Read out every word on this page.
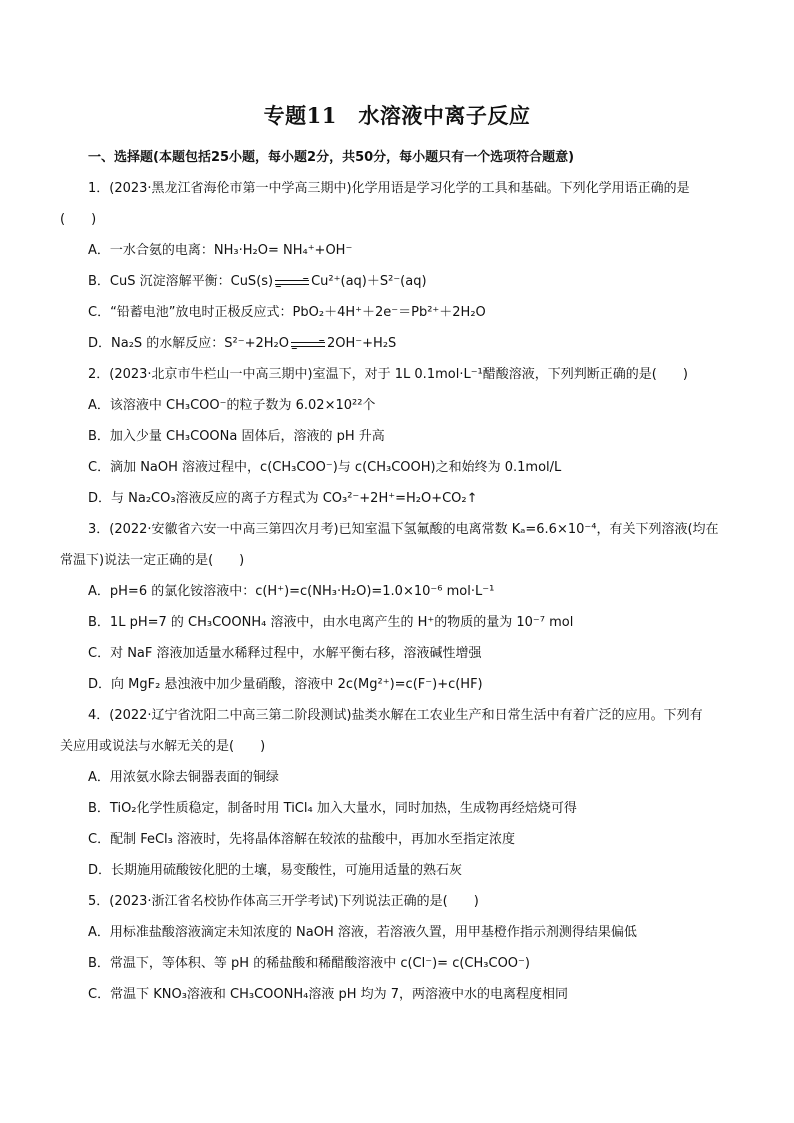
专题11　水溶液中离子反应
一、选择题(本题包括25小题，每小题2分，共50分，每小题只有一个选项符合题意)
1．(2023·黑龙江省海伦市第一中学高三期中)化学用语是学习化学的工具和基础。下列化学用语正确的是
(　　)
A．一水合氨的电离：NH₃·H₂O= NH₄⁺+OH⁻
B．CuS 沉淀溶解平衡：CuS(s) → Cu²⁺(aq)＋S²⁻(aq)
C．“铅蓄电池”放电时正极反应式：PbO₂＋4H⁺＋2e⁻＝Pb²⁺＋2H₂O
D．Na₂S 的水解反应：S²⁻+2H₂O → 2OH⁻+H₂S
2．(2023·北京市牛栏山一中高三期中)室温下，对于 1L 0.1mol·L⁻¹醋酸溶液，下列判断正确的是(　　)
A．该溶液中 CH₃COO⁻的粒子数为 6.02×10²²个
B．加入少量 CH₃COONa 固体后，溶液的 pH 升高
C．滴加 NaOH 溶液过程中，c(CH₃COO⁻)与 c(CH₃COOH)之和始终为 0.1mol/L
D．与 Na₂CO₃溶液反应的离子方程式为 CO₃²⁻+2H⁺=H₂O+CO₂↑
3．(2022·安徽省六安一中高三第四次月考)已知室温下氢氟酸的电离常数 Kₐ=6.6×10⁻⁴，有关下列溶液(均在
常温下)说法一定正确的是(　　)
A．pH=6 的氯化铵溶液中：c(H⁺)=c(NH₃·H₂O)=1.0×10⁻⁶ mol·L⁻¹
B．1L pH=7 的 CH₃COONH₄ 溶液中，由水电离产生的 H⁺的物质的量为 10⁻⁷ mol
C．对 NaF 溶液加适量水稀释过程中，水解平衡右移，溶液碱性增强
D．向 MgF₂ 悬浊液中加少量硝酸，溶液中 2c(Mg²⁺)=c(F⁻)+c(HF)
4．(2022·辽宁省沈阳二中高三第二阶段测试)盐类水解在工农业生产和日常生活中有着广泛的应用。下列有
关应用或说法与水解无关的是(　　)
A．用浓氨水除去铜器表面的铜绿
B．TiO₂化学性质稳定，制备时用 TiCl₄ 加入大量水，同时加热，生成物再经焙烧可得
C．配制 FeCl₃ 溶液时，先将晶体溶解在较浓的盐酸中，再加水至指定浓度
D．长期施用硫酸铵化肥的土壤，易变酸性，可施用适量的熟石灰
5．(2023·浙江省名校协作体高三开学考试)下列说法正确的是(　　)
A．用标准盐酸溶液滴定未知浓度的 NaOH 溶液，若溶液久置，用甲基橙作指示剂测得结果偏低
B．常温下，等体积、等 pH 的稀盐酸和稀醋酸溶液中 c(Cl⁻)= c(CH₃COO⁻)
C．常温下 KNO₃溶液和 CH₃COONH₄溶液 pH 均为 7，两溶液中水的电离程度相同
